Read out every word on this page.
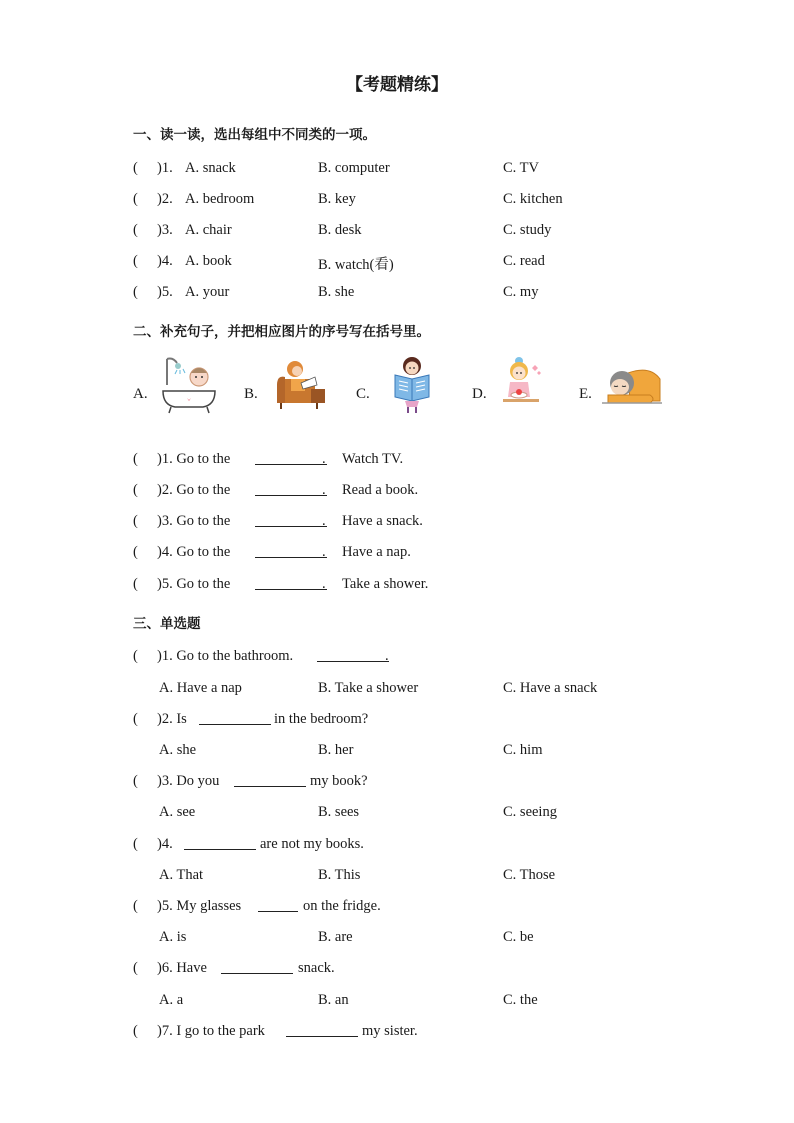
【考题精练】
一、读一读，选出每组中不同类的一项。
( )1. A. snack	B. computer	C. TV
( )2. A. bedroom	B. key	C. kitchen
( )3. A. chair	B. desk	C. study
( )4. A. book	B. watch(看)	C. read
( )5. A. your	B. she	C. my
二、补充句子，并把相应图片的序号写在括号里。
A.	B.	C.	D.	E.
( )1. Go to the	. Watch TV.
( )2. Go to the	. Read a book.
( )3. Go to the	. Have a snack.
( )4. Go to the	. Have a nap.
( )5. Go to the	. Take a shower.
三、单选题
( )1. Go to the bathroom.	.
A. Have a nap	B. Take a shower	C. Have a snack
( )2. Is	in the bedroom?
A. she	B. her	C. him
( )3. Do you	my book?
A. see	B. sees	C. seeing
( )4.	are not my books.
A. That	B. This	C. Those
( )5. My glasses	on the fridge.
A. is	B. are	C. be
( )6. Have	snack.
A. a	B. an	C. the
( )7. I go to the park	my sister.
